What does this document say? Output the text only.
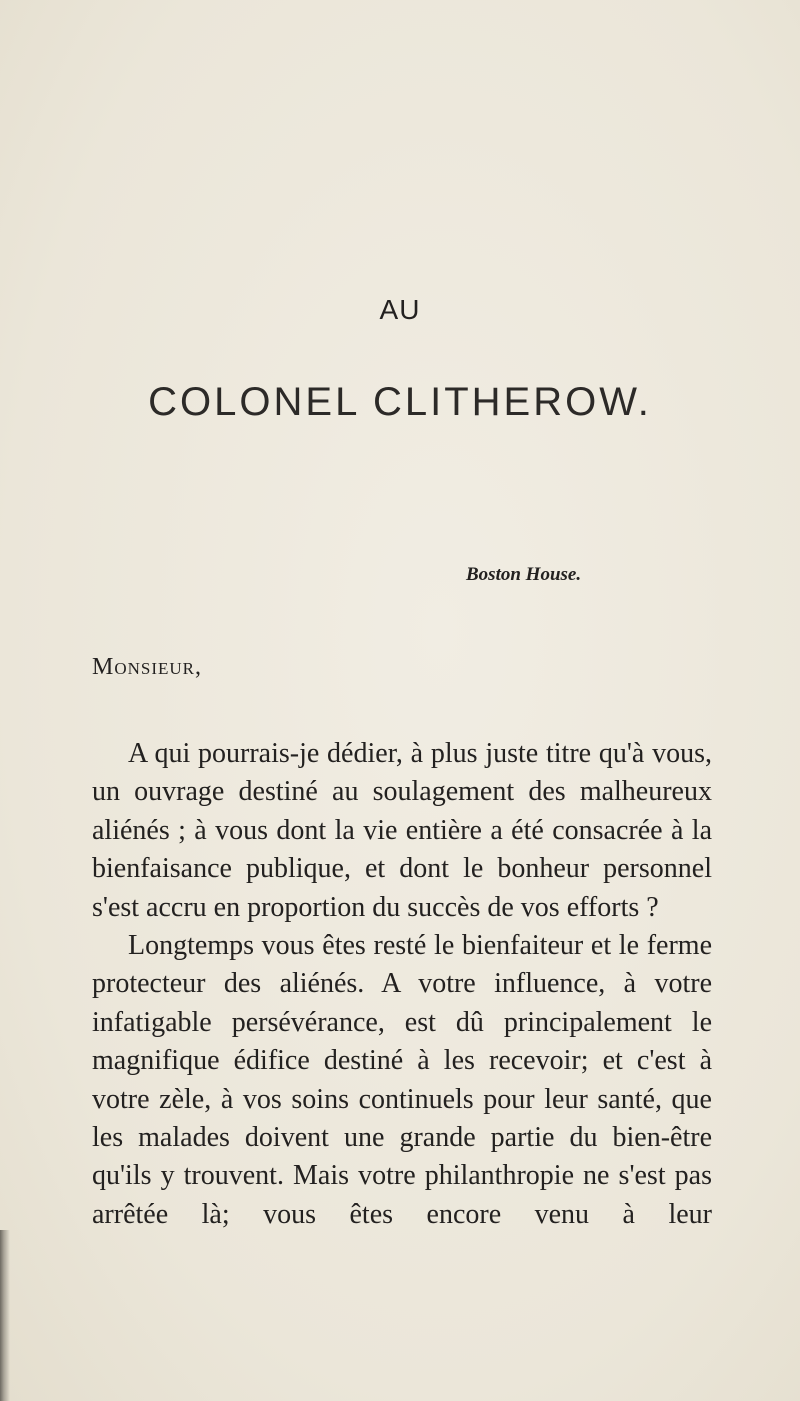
AU
COLONEL CLITHEROW.
Boston House.
Monsieur,

A qui pourrais-je dédier, à plus juste titre qu'à vous, un ouvrage destiné au soulagement des malheureux aliénés ; à vous dont la vie entière a été consacrée à la bienfaisance publique, et dont le bonheur personnel s'est accru en proportion du succès de vos efforts ?

Longtemps vous êtes resté le bienfaiteur et le ferme protecteur des aliénés. A votre influence, à votre infatigable persévérance, est dû principalement le magnifique édifice destiné à les recevoir; et c'est à votre zèle, à vos soins continuels pour leur santé, que les malades doivent une grande partie du bien-être qu'ils y trouvent. Mais votre philanthropie ne s'est pas arrêtée là; vous êtes encore venu à leur
